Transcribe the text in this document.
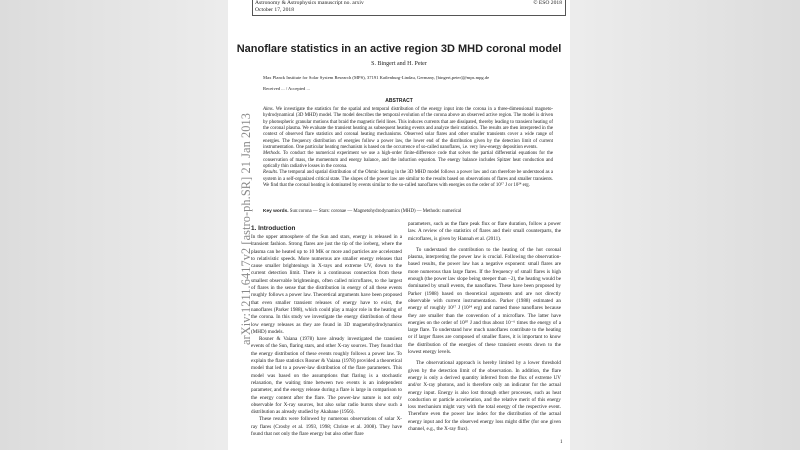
Astronomy & Astrophysics manuscript no. arxiv
October 17, 2018
© ESO 2018
Nanoflare statistics in an active region 3D MHD coronal model
S. Bingert and H. Peter
Max Planck Institute for Solar System Research (MPS), 37191 Katlenburg-Lindau, Germany, [bingert,peter]@mps.mpg.de
Received ... / Accepted ...
ABSTRACT

Aims. We investigate the statistics for the spatial and temporal distribution of the energy input into the corona in a three-dimensional magneto-hydrodynamical (3D MHD) model. The model describes the temporal evolution of the corona above an observed active region. The model is driven by photospheric granular motions that braid the magnetic field lines. This induces currents that are dissipated, thereby leading to transient heating of the coronal plasma. We evaluate the transient heating as subsequent heating events and analyze their statistics. The results are then interpreted in the context of observed flare statistics and coronal heating mechanisms. Observed solar flares and other smaller transients cover a wide range of energies. The frequency distribution of energies follow a power law, the lower end of the distribution given by the detection limit of current instrumentation. One particular heating mechanism is based on the occurrence of so-called nanoflares, i.e. very low-energy deposition events.

Methods. To conduct the numerical experiment we use a high-order finite-difference code that solves the partial differential equations for the conservation of mass, the momentum and energy balance, and the induction equation. The energy balance includes Spitzer heat conduction and optically thin radiative losses in the corona.

Results. The temporal and spatial distribution of the Ohmic heating in the 3D MHD model follows a power law and can therefore be understood as a system in a self-organized critical state. The slopes of the power law are similar to the results based on observations of flares and smaller transients. We find that the coronal heating is dominated by events similar to the so-called nanoflares with energies on the order of 10¹⁷ J or 10²⁴ erg.

Key words. Sun:corona — Stars: coronae — Magnetohydrodynamics (MHD) — Methods: numerical
1. Introduction

In the upper atmosphere of the Sun and stars, energy is released in a transient fashion. Strong flares are just the tip of the iceberg, where the plasma can be heated up to 10 MK or more and particles are accelerated to relativistic speeds. More numerous are smaller energy releases that cause smaller brightenings in X-rays and extreme UV, down to the current detection limit. There is a continuous connection from these smallest observable brightenings, often called microflares, to the largest of flares in the sense that the distribution in energy of all these events roughly follows a power law. Theoretical arguments have been proposed that even smaller transient releases of energy have to exist, the nanoflares (Parker 1988), which could play a major role in the heating of the corona. In this study we investigate the energy distribution of these low energy releases as they are found in 3D magnetohydrodynamics (MHD) models.

Rosner & Vaiana (1978) have already investigated the transient events of the Sun, flaring stars, and other X-ray sources. They found that the energy distribution of these events roughly follows a power law. To explain the flare statistics Rosner & Vaiana (1978) provided a theoretical model that led to a power-law distribution of the flare parameters. This model was based on the assumptions that flaring is a stochastic relaxation, the waiting time between two events is an independent parameter, and the energy release during a flare is large in comparison to the energy content after the flare. The power-law nature is not only observable for X-ray sources, but also solar radio bursts show such a distribution as already studied by Akabane (1956).

These results were followed by numerous observations of solar X-ray flares (Crosby et al. 1993, 1998; Christe et al. 2008). They have found that not only the flare energy but also other flare

parameters, such as the flare peak flux or flare duration, follow a power law. A review of the statistics of flares and their small counterparts, the microflares, is given by Hannah et al. (2011).

To understand the contribution to the heating of the hot coronal plasma, interpreting the power law is crucial. Following the observation-based results, the power law has a negative exponent: small flares are more numerous than large flares. If the frequency of small flares is high enough (the power law slope being steeper than −2), the heating would be dominated by small events, the nanoflares. These have been proposed by Parker (1988) based on theoretical arguments and are not directly observable with current instrumentation. Parker (1988) estimated an energy of roughly 10¹⁷ J (10²⁴ erg) and named those nanoflares because they are smaller than the convention of a microflare. The latter have energies on the order of 10²⁰ J and thus about 10⁻⁶ times the energy of a large flare. To understand how much nanoflares contribute to the heating or if larger flares are composed of smaller flares, it is important to know the distribution of the energies of these transient events down to the lowest energy levels.

The observational approach is hereby limited by a lower threshold given by the detection limit of the observation. In addition, the flare energy is only a derived quantity inferred from the flux of extreme UV and/or X-ray photons, and is therefore only an indicator for the actual energy input. Energy is also lost through other processes, such as heat conduction or particle acceleration, and the relative merit of this energy loss mechanism might vary with the total energy of the respective event. Therefore even the power law index for the distribution of the actual energy input and for the observed energy loss might differ (for one given channel, e.g., the X-ray flux).

arXiv:1211.6417v2 [astro-ph.SR] 21 Jan 2013
1
